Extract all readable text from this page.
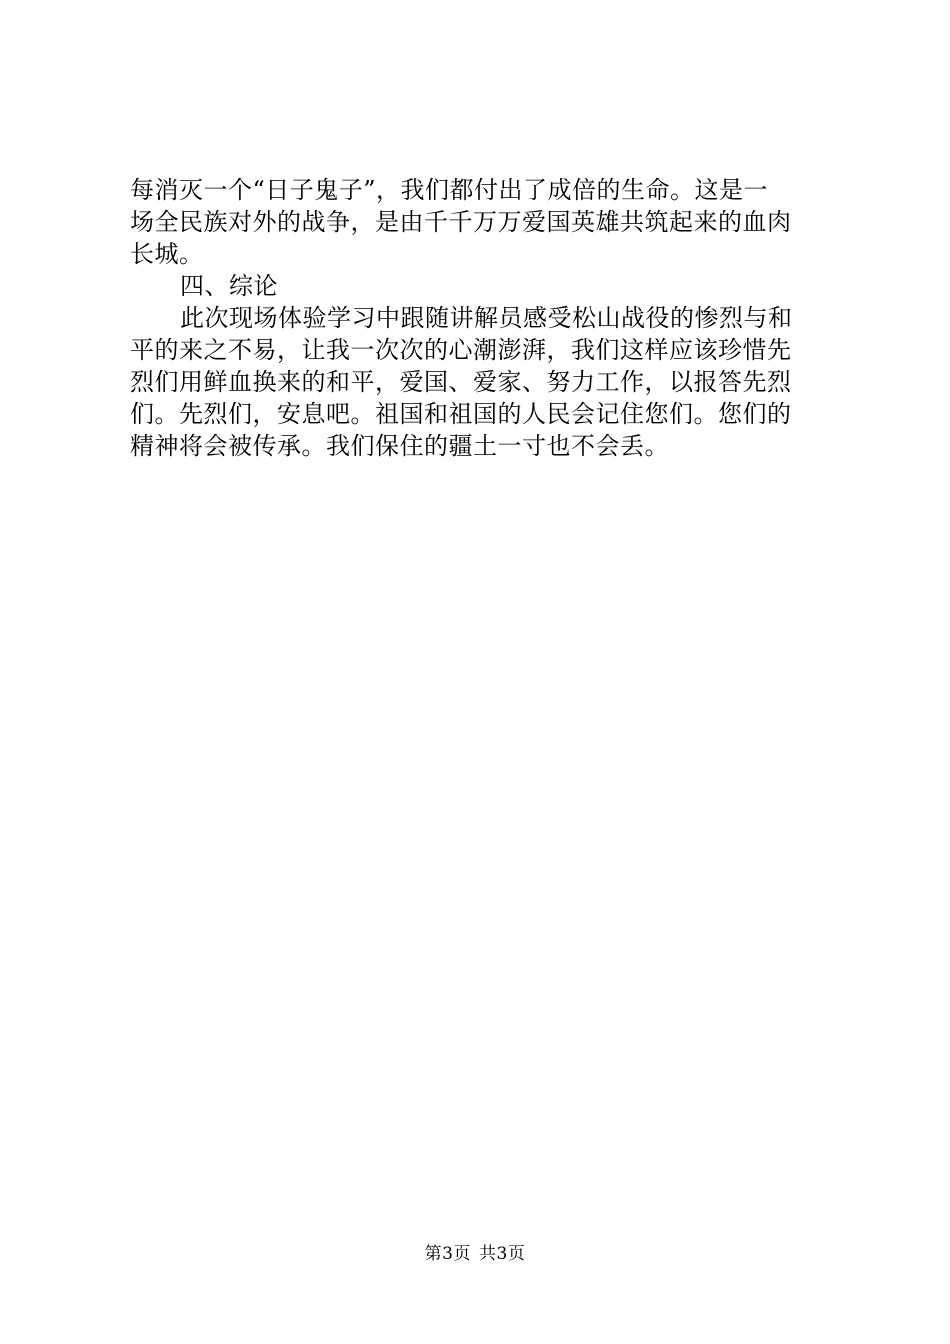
每消灭一个“日子鬼子”，我们都付出了成倍的生命。这是一
场全民族对外的战争，是由千千万万爱国英雄共筑起来的血肉
长城。
四、综论
此次现场体验学习中跟随讲解员感受松山战役的惨烈与和
平的来之不易，让我一次次的心潮澎湃，我们这样应该珍惜先
烈们用鲜血换来的和平，爱国、爱家、努力工作，以报答先烈
们。先烈们，安息吧。祖国和祖国的人民会记住您们。您们的
精神将会被传承。我们保住的疆土一寸也不会丢。
第3页 共3页
